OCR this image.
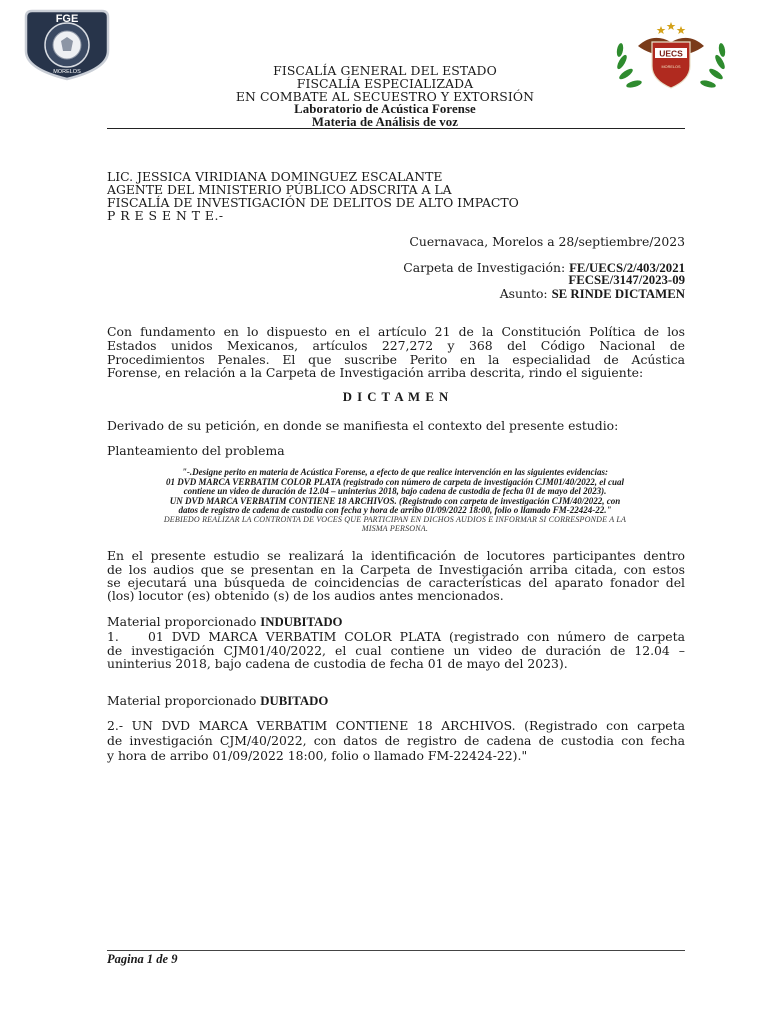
FGE
MORELOS
UECS
MORELOS
FISCALÍA GENERAL DEL ESTADO
FISCALÍA ESPECIALIZADA
EN COMBATE AL SECUESTRO Y EXTORSIÓN
Laboratorio de Acústica Forense
Materia de Análisis de voz
LIC. JESSICA VIRIDIANA DOMINGUEZ ESCALANTE
AGENTE DEL MINISTERIO PÚBLICO ADSCRITA A LA
FISCALÍA DE INVESTIGACIÓN DE DELITOS DE ALTO IMPACTO
P R E S E N T E.-
Cuernavaca, Morelos a 28/septiembre/2023
Carpeta de Investigación: FE/UECS/2/403/2021
FECSE/3147/2023-09
Asunto: SE RINDE DICTAMEN
Con fundamento en lo dispuesto en el artículo 21 de la Constitución Política de los
Estados unidos Mexicanos, artículos 227,272 y 368 del Código Nacional de
Procedimientos Penales. El que suscribe Perito en la especialidad de Acústica
Forense, en relación a la Carpeta de Investigación arriba descrita, rindo el siguiente:
D I C T A M E N
Derivado de su petición, en donde se manifiesta el contexto del presente estudio:
Planteamiento del problema
"-.Designe perito en materia de Acústica Forense, a efecto de que realice intervención en las siguientes evidencias:
01 DVD MARCA VERBATIM COLOR PLATA (registrado con número de carpeta de investigación CJM01/40/2022, el cual
contiene un video de duración de 12.04 – uninterius 2018, bajo cadena de custodia de fecha 01 de mayo del 2023).
UN DVD MARCA VERBATIM CONTIENE 18 ARCHIVOS. (Registrado con carpeta de investigación CJM/40/2022, con
datos de registro de cadena de custodia con fecha y hora de arribo 01/09/2022 18:00, folio o llamado FM-22424-22."
DEBIEDO REALIZAR LA CONTRONTA DE VOCES QUE PARTICIPAN EN DICHOS AUDIOS E INFORMAR SI CORRESPONDE A LA
MISMA PERSONA.
En el presente estudio se realizará la identificación de locutores participantes dentro
de los audios que se presentan en la Carpeta de Investigación arriba citada, con estos
se ejecutará una búsqueda de coincidencias de características del aparato fonador del
(los) locutor (es) obtenido (s) de los audios antes mencionados.
Material proporcionado INDUBITADO
1. 01 DVD MARCA VERBATIM COLOR PLATA (registrado con número de carpeta
de investigación CJM01/40/2022, el cual contiene un video de duración de 12.04 –
uninterius 2018, bajo cadena de custodia de fecha 01 de mayo del 2023).
Material proporcionado DUBITADO
2.- UN DVD MARCA VERBATIM CONTIENE 18 ARCHIVOS. (Registrado con carpeta
de investigación CJM/40/2022, con datos de registro de cadena de custodia con fecha
y hora de arribo 01/09/2022 18:00, folio o llamado FM-22424-22)."
Pagina 1 de 9
